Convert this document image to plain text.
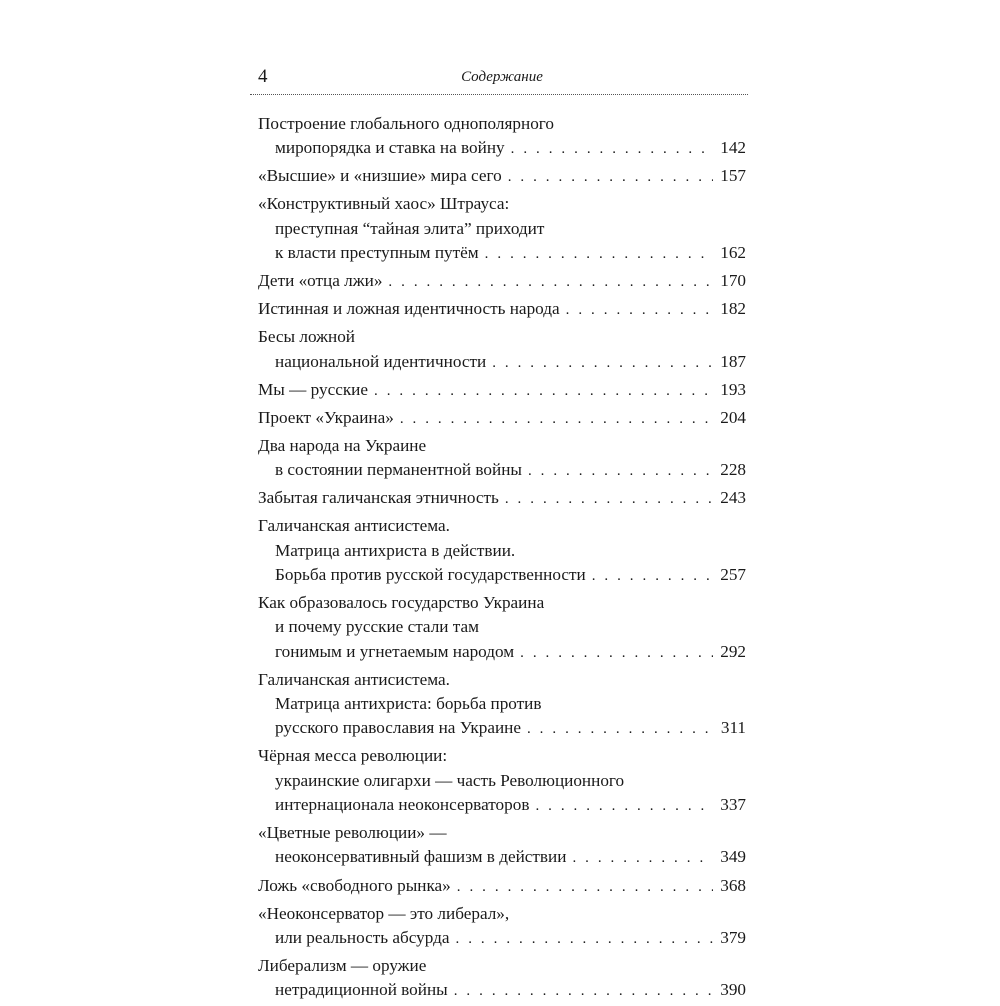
4	Содержание
Построение глобального однополярного
миропорядка и ставка на войну . . .	142
«Высшие» и «низшие» мира сего . . .	157
«Конструктивный хаос» Штрауса:
преступная “тайная элита” приходит
к власти преступным путём . . .	162
Дети «отца лжи» . . .	170
Истинная и ложная идентичность народа . . .	182
Бесы ложной
национальной идентичности . . .	187
Мы — русские . . .	193
Проект «Украина» . . .	204
Два народа на Украине
в состоянии перманентной войны . . .	228
Забытая галичанская этничность . . .	243
Галичанская антисистема.
Матрица антихриста в действии.
Борьба против русской государственности . . .	257
Как образовалось государство Украина
и почему русские стали там
гонимым и угнетаемым народом . . .	292
Галичанская антисистема.
Матрица антихриста: борьба против
русского православия на Украине . . .	311
Чёрная месса революции:
украинские олигархи — часть Революционного
интернационала неоконсерваторов . . .	337
«Цветные революции» —
неоконсервативный фашизм в действии . . .	349
Ложь «свободного рынка» . . .	368
«Неоконсерватор — это либерал»,
или реальность абсурда . . .	379
Либерализм — оружие
нетрадиционной войны . . .	390
